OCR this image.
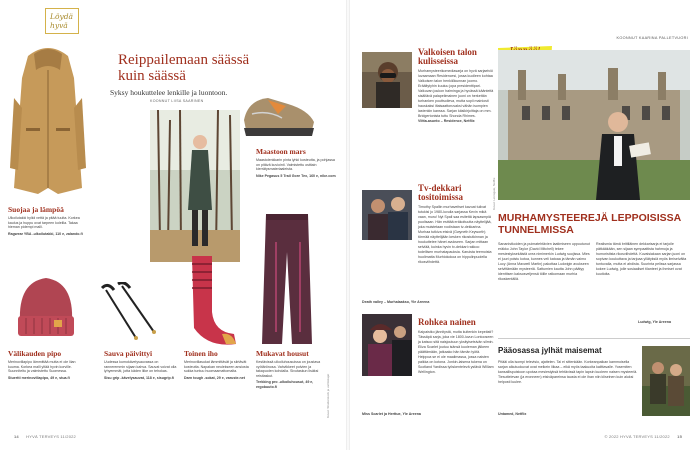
Löydä hyvä
Suojaa ja lämpöä
Ulkoilutakki hylkii vettä ja pitää tuulta. Korkea kaulus ja huppu ovat tarpeen koleilla. Takaa hieman pidempi malli.
Ragwear YBA -ulkoilutakki, 110 e, zalando.fi
Välikauden pipo
Merinovillapipo lämmittää mutta ei ole liian kuuma. Korkea malli yltää hyvin korville. Suunniteltu ja valmistettu Suomessa.
Stuertti merinovillapipo, 49 e, stua.fi
Reippailemaan säässä kuin säässä
Syksy houkuttelee lenkille ja luontoon.
KOONNUT LIISA SAARINEN
Maastoon mars
Maastolenkkarin pinta lyhki kosteutta, ja pohjassa on pitävä kuviointi. Valmistettu osittain kierrätysmateriaaleista.
Nike Pegasus 5 Trail Gore Tex, 160 e, nike.com
Sauva päivittyi
Uudessa kumokävelysauvassa on ranneremmin sijaan kahva. Sauvat voivat olla lyhyemmät, jotta käden liike on tehokas.
Sisu grip -kävelysauvat, 118 e, sisugrip.fi
Toinen iho
Merinovillasukat lämmittävät ja siirtävät kosteutta. Napakan neulekseen ansiosta sukka tuntuu huomaamattomalta.
Darn tough -sokat, 29 e, varuste.net
Mukavat housut
Kestävissä ulkoiluhousuissa on joustava vyötärönosa. Vahvikkeet polvien ja takapuolen kohdalla. Sivutaskun lisäksi reisitaskut.
Trekking pro -ulkoiluhousut, 49 e, ergobuuto.fi	Kuvat: Shutterstock ja valmistajat
14 HYVÄ TERVEYS 11/2022
KOONNUT KAARINA PALLETVUORI
Valkoisen talon kulisseissa
Murhamysteerikomediasarja on hyvä sarjaelviö luvaamaan Residencesi, jossa kuolleen kohtaa Valkoisen talon henkilökunnan joomo. Eräältytyhin kuuluu jopa presidenttipari. Vaikuvan joukon halminga ja hyvässä käänteitä sisältävä palapelimainen juoni on herkettän turhanken pouttsoileva, mutta sopii mainiosti hauskaksi iltaisaattoruvaksi vähän isompien lastenkin kanssa. Sarjan käsikirjoittaja on mm. Bridgertonista tuttu Shonda Rhimes.
Viitta-asunto – Residence, Netflix
Tv-dekkari tositoimissa
Timothy Spallin murhaveitset kavoat tuilvat tutukisi jo 1980-luvulla sarjassa Kevin mikä vaan, muru! Nyt Spall saa esitettä lapsasmpiä puolisaan. Hän esittää eräkoituutta näyttelijää, joka muistetaan roolistaan tv-dekkarina. Murhaa tutkiva etsivä (Gwyneth Keyworth) törmää näyttelijään kesken rikostutkinnan ja houkuttelee hänet avukseen. Sarjan mittaan selviää, kuinka hyvin tv-dekkari rakkoo todellisen murhatapauksia. Karuista teemoista huolimatta Murhiokokoa on hippulinpuolella rikosviihdettä.
Death valley – Murhalaakso, Yle Areena
Rohkea nainen
Kaipaistko jännitystä, mutta kuitenkin kepeästi? Tässäpä sarja, joka vie 1800-luvun Lontooseen ja katsoo sitä naisjoutuun yksityisetsivän silmin. Eliza Scarlet joutuu isänsä kuoleman jälkeen päättämään, jatkaako hän tämän työtä. Helppoa se ei ole maailmassa, jossa naisten paikka on kotona. Jonkin-laisena tukena on Scotland Yardissa työskentelevä ystävä William Wellington.
Miss Scarlet ja Herttue, Yle Areena
Kuvat: Lionsgate, Netflix
MURHAMYSTEEREJÄ LEPPOISISSA TUNNELMISSA
Sananistkoiden ja puimatehtävien laatimiseen uppoutunut eräkko John Taylor (David Mitchell) tekee mesiestyksekäistä urea nimimerkin Ludwig suojissa. Mies ei juuri poistu kotoa, kunnes veli katoaa ja tämän vaimo Lucy (Anna Maxwell Martin) pakottaa Ludwigin avukseen selvittämään mysteeriä. Sattumien kautta John päätyy identtisen kaksosveljensä töille ratkomaan murhia rikoskentällä.
Realismia tämä brittiläinen dekkarisarja ei tarjoile pätkääkään, sen sijaan sympaattista hahmoja ja humoristista rikosviihdettä. Kuvaisiakaan sarjan juoni on sopivan koukuttava ja tarjoaa yllätyksiä myös ilmiselvälta tuntuvalla, mutta ei ahdista. Suurinta pelissa sarjassa kokee Ludwig, jolle sosiaaliset tilanteet ja ihmiset ovat kuutioita.
Ludwig, Yle Areena
Pääosassa jylhät maisemat
Pitääi olla isompi televisio, ajattelen. Tai ei sittenkään. Korkeanpaikan kammoisella sarjan alkutuokuvat ovat melkein liikaa – eikä myös taakuoita kaiittavalle. Yosemiten kansallispuistoon upotaa mesiestyksä tehtävissä tapin lapsin kuoleen naisen mysteeriä. Tiesuttelevan (ja eronneen) etsiväpareinsa tausta ei ole ihan niin kliseinen kuin aluksi helposti luulee.
Untamed, Netflix
© 2022 HYVÄ TERVEYS 11/2022 15
